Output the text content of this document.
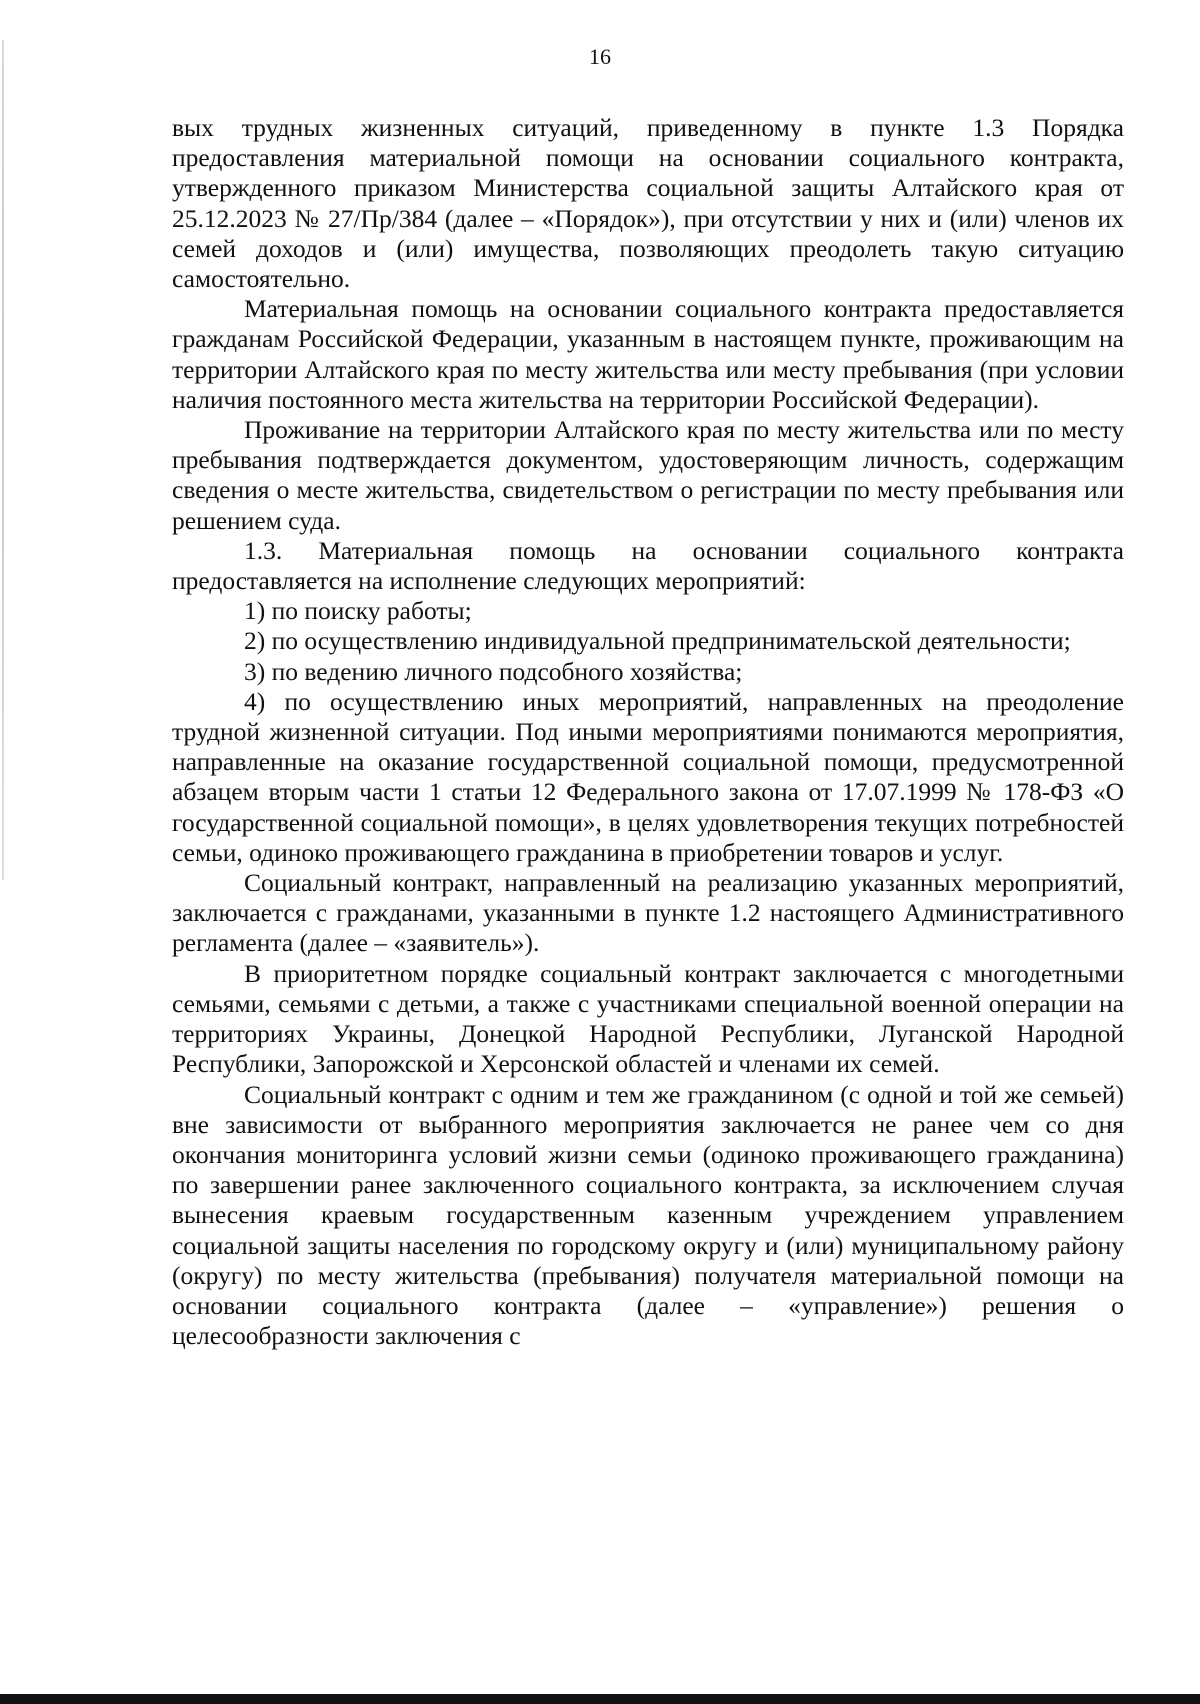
16

вых трудных жизненных ситуаций, приведенному в пункте 1.3 Порядка предоставления материальной помощи на основании социального контракта, утвержденного приказом Министерства социальной защиты Алтайского края от 25.12.2023 № 27/Пр/384 (далее – «Порядок»), при отсутствии у них и (или) членов их семей доходов и (или) имущества, позволяющих преодолеть такую ситуацию самостоятельно.

Материальная помощь на основании социального контракта предоставляется гражданам Российской Федерации, указанным в настоящем пункте, проживающим на территории Алтайского края по месту жительства или месту пребывания (при условии наличия постоянного места жительства на территории Российской Федерации).

Проживание на территории Алтайского края по месту жительства или по месту пребывания подтверждается документом, удостоверяющим личность, содержащим сведения о месте жительства, свидетельством о регистрации по месту пребывания или решением суда.

1.3. Материальная помощь на основании социального контракта предоставляется на исполнение следующих мероприятий:

1) по поиску работы;

2) по осуществлению индивидуальной предпринимательской деятельности;

3) по ведению личного подсобного хозяйства;

4) по осуществлению иных мероприятий, направленных на преодоление трудной жизненной ситуации. Под иными мероприятиями понимаются мероприятия, направленные на оказание государственной социальной помощи, предусмотренной абзацем вторым части 1 статьи 12 Федерального закона от 17.07.1999 № 178-ФЗ «О государственной социальной помощи», в целях удовлетворения текущих потребностей семьи, одиноко проживающего гражданина в приобретении товаров и услуг.

Социальный контракт, направленный на реализацию указанных мероприятий, заключается с гражданами, указанными в пункте 1.2 настоящего Административного регламента (далее – «заявитель»).

В приоритетном порядке социальный контракт заключается с многодетными семьями, семьями с детьми, а также с участниками специальной военной операции на территориях Украины, Донецкой Народной Республики, Луганской Народной Республики, Запорожской и Херсонской областей и членами их семей.

Социальный контракт с одним и тем же гражданином (с одной и той же семьей) вне зависимости от выбранного мероприятия заключается не ранее чем со дня окончания мониторинга условий жизни семьи (одиноко проживающего гражданина) по завершении ранее заключенного социального контракта, за исключением случая вынесения краевым государственным казенным учреждением управлением социальной защиты населения по городскому округу и (или) муниципальному району (округу) по месту жительства (пребывания) получателя материальной помощи на основании социального контракта (далее – «управление») решения о целесообразности заключения с
